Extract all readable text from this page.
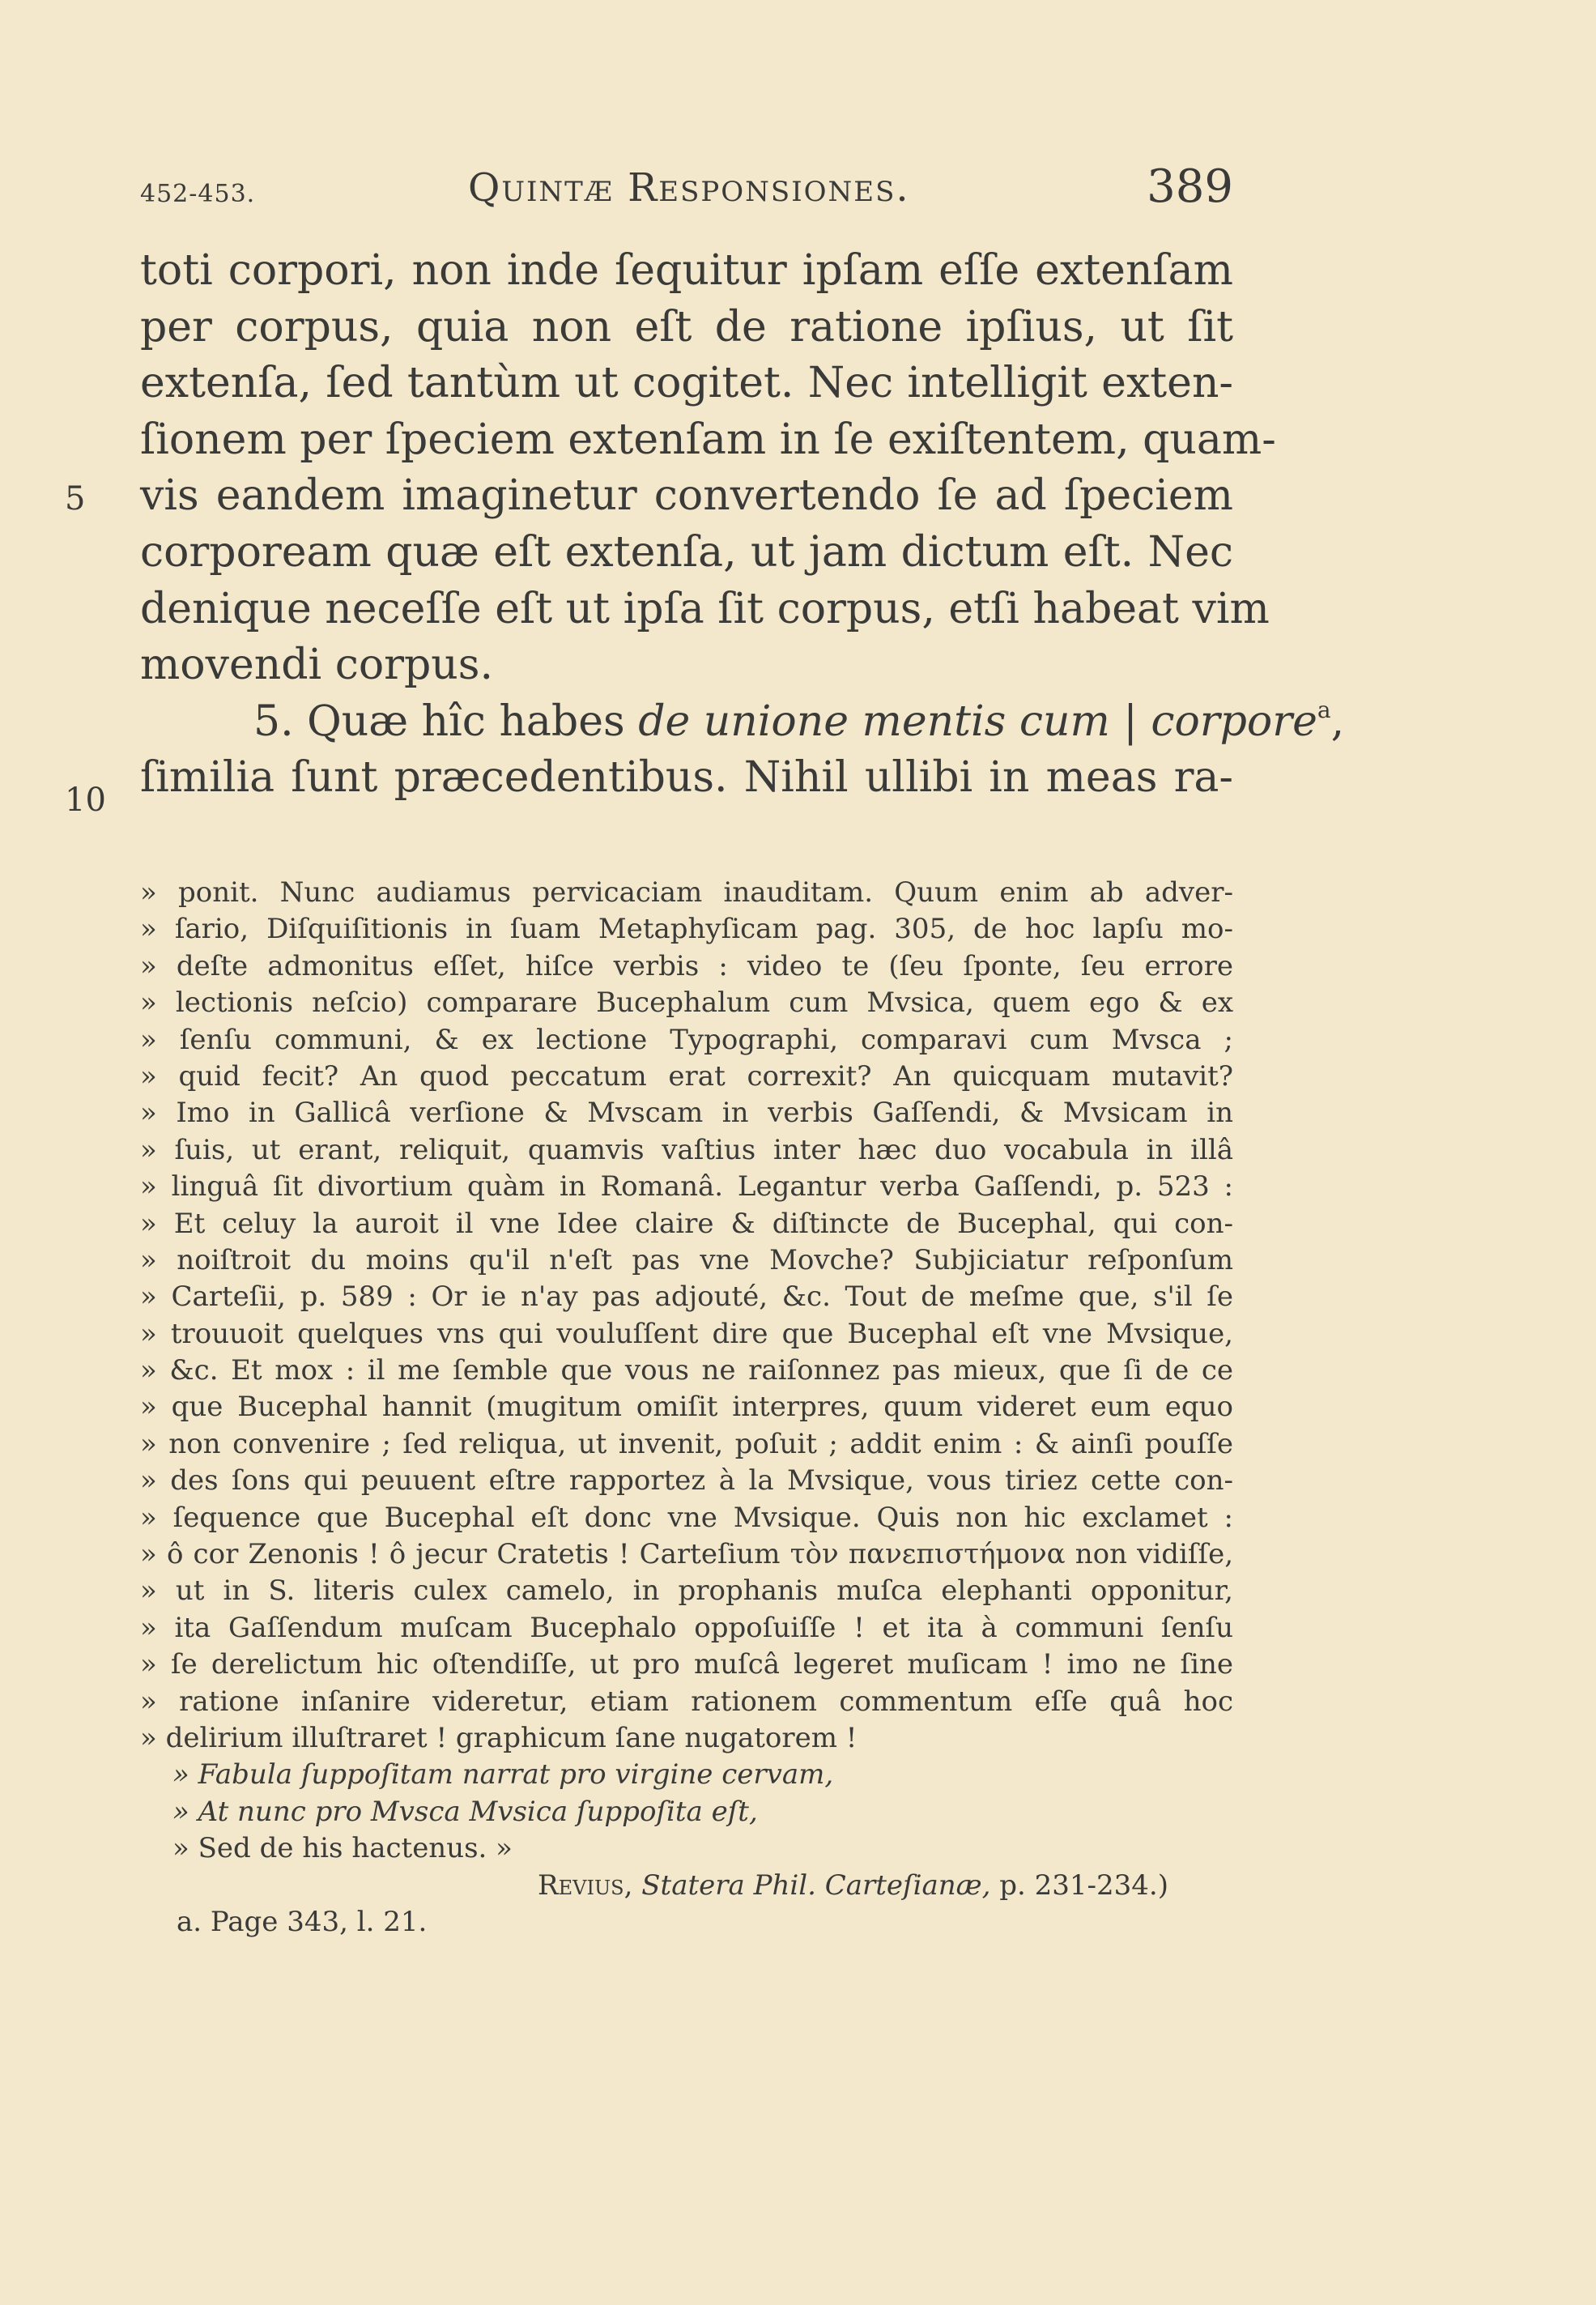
452-453.	Quintæ Responsiones.	389
5
10
toti corpori, non inde ſequitur ipſam eſſe extenſam
per corpus, quia non eſt de ratione ipſius, ut ſit
extenſa, ſed tantùm ut cogitet. Nec intelligit exten-
ſionem per ſpeciem extenſam in ſe exiſtentem, quam-
vis eandem imaginetur convertendo ſe ad ſpeciem
corpoream quæ eſt extenſa, ut jam dictum eſt. Nec
denique neceſſe eſt ut ipſa ſit corpus, etſi habeat vim
movendi corpus.
5. Quæ hîc habes de unione mentis cum | corpore$^a$,
ſimilia ſunt præcedentibus. Nihil ullibi in meas ra-
» ponit. Nunc audiamus pervicaciam inauditam. Quum enim ab adver-
» ſario, Diſquiſitionis in ſuam Metaphyſicam pag. 305, de hoc lapſu mo-
» deſte admonitus eſſet, hiſce verbis : video te (ſeu ſponte, ſeu errore
» lectionis neſcio) comparare Bucephalum cum Mvsica, quem ego & ex
» ſenſu communi, & ex lectione Typographi, comparavi cum Mvsca ;
» quid fecit? An quod peccatum erat correxit? An quicquam mutavit?
» Imo in Gallicâ verſione & Mvscam in verbis Gaſſendi, & Mvsicam in
» ſuis, ut erant, reliquit, quamvis vaſtius inter hæc duo vocabula in illâ
» linguâ ſit divortium quàm in Romanâ. Legantur verba Gaſſendi, p. 523 :
» Et celuy la auroit il vne Idee claire & diſtincte de Bucephal, qui con-
» noiſtroit du moins qu'il n'eſt pas vne Movche? Subjiciatur reſponſum
» Carteſii, p. 589 : Or ie n'ay pas adjouté, &c. Tout de meſme que, s'il ſe
» trouuoit quelques vns qui vouluſſent dire que Bucephal eſt vne Mvsique,
» &c. Et mox : il me ſemble que vous ne raiſonnez pas mieux, que ſi de ce
» que Bucephal hannit (mugitum omiſit interpres, quum videret eum equo
» non convenire ; ſed reliqua, ut invenit, poſuit ; addit enim : & ainſi pouſſe
» des ſons qui peuuent eſtre rapportez à la Mvsique, vous tiriez cette con-
» ſequence que Bucephal eſt donc vne Mvsique. Quis non hic exclamet :
» ô cor Zenonis ! ô jecur Cratetis ! Carteſium τὸν πανεπιστήμονα non vidiſſe,
» ut in S. literis culex camelo, in prophanis muſca elephanti opponitur,
» ita Gaſſendum muſcam Bucephalo oppoſuiſſe ! et ita à communi ſenſu
» ſe derelictum hic oſtendiſſe, ut pro muſcâ legeret muſicam ! imo ne ſine
» ratione inſanire videretur, etiam rationem commentum eſſe quâ hoc
» delirium illuſtraret ! graphicum ſane nugatorem !
» Fabula ſuppoſitam narrat pro virgine cervam,
» At nunc pro Mvsca Mvsica ſuppoſita eſt,
» Sed de his hactenus. »
Revius, Statera Phil. Carteſianæ, p. 231-234.)
a. Page 343, l. 21.
